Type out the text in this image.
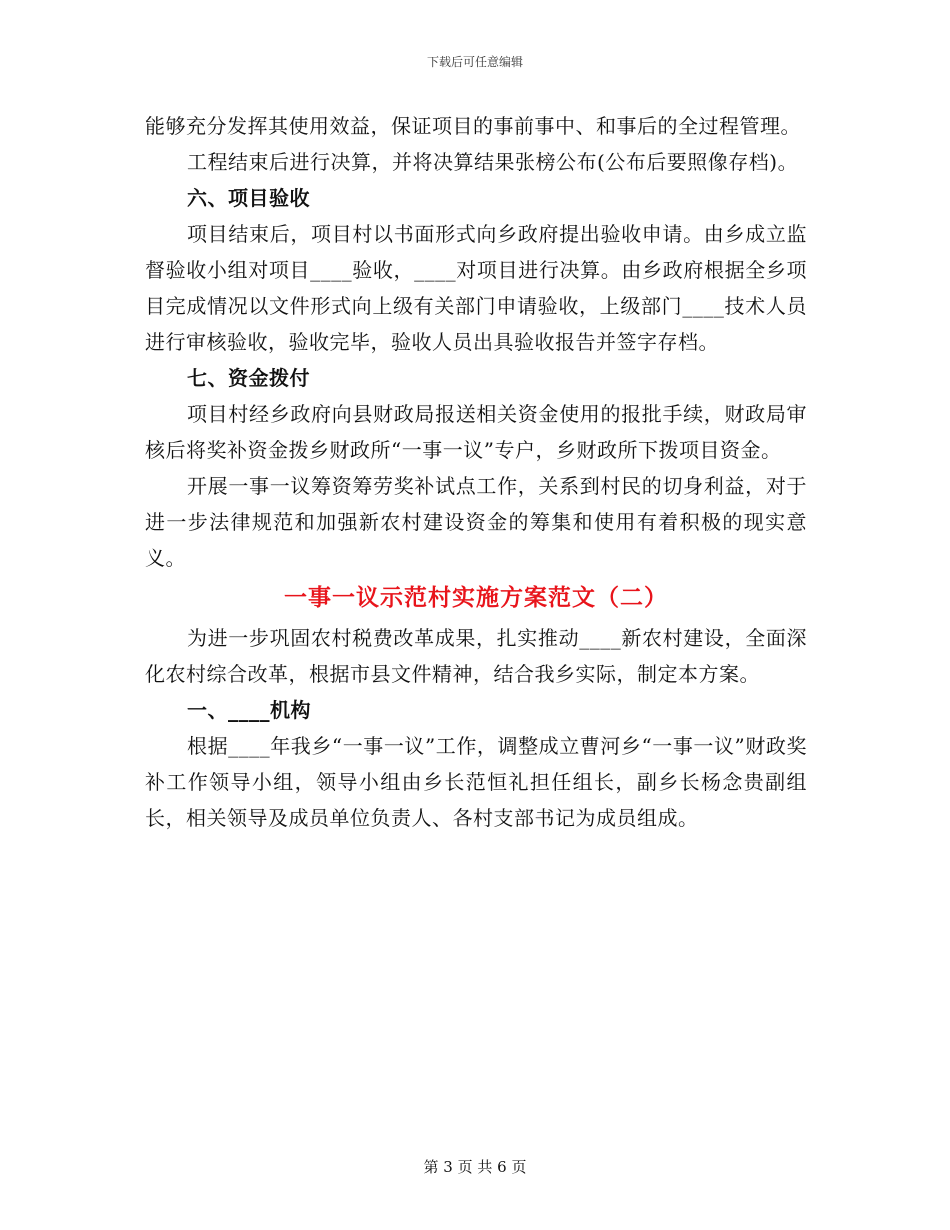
下载后可任意编辑

能够充分发挥其使用效益，保证项目的事前事中、和事后的全过程管理。

工程结束后进行决算，并将决算结果张榜公布(公布后要照像存档)。

六、项目验收

项目结束后，项目村以书面形式向乡政府提出验收申请。由乡成立监督验收小组对项目____验收，____对项目进行决算。由乡政府根据全乡项目完成情况以文件形式向上级有关部门申请验收，上级部门____技术人员进行审核验收，验收完毕，验收人员出具验收报告并签字存档。

七、资金拨付

项目村经乡政府向县财政局报送相关资金使用的报批手续，财政局审核后将奖补资金拨乡财政所“一事一议”专户，乡财政所下拨项目资金。

开展一事一议筹资筹劳奖补试点工作，关系到村民的切身利益，对于进一步法律规范和加强新农村建设资金的筹集和使用有着积极的现实意义。

一事一议示范村实施方案范文（二）

为进一步巩固农村税费改革成果，扎实推动____新农村建设，全面深化农村综合改革，根据市县文件精神，结合我乡实际，制定本方案。

一、____机构

根据____年我乡“一事一议”工作，调整成立曹河乡“一事一议”财政奖补工作领导小组，领导小组由乡长范恒礼担任组长，副乡长杨念贵副组长，相关领导及成员单位负责人、各村支部书记为成员组成。

第 3 页 共 6 页
